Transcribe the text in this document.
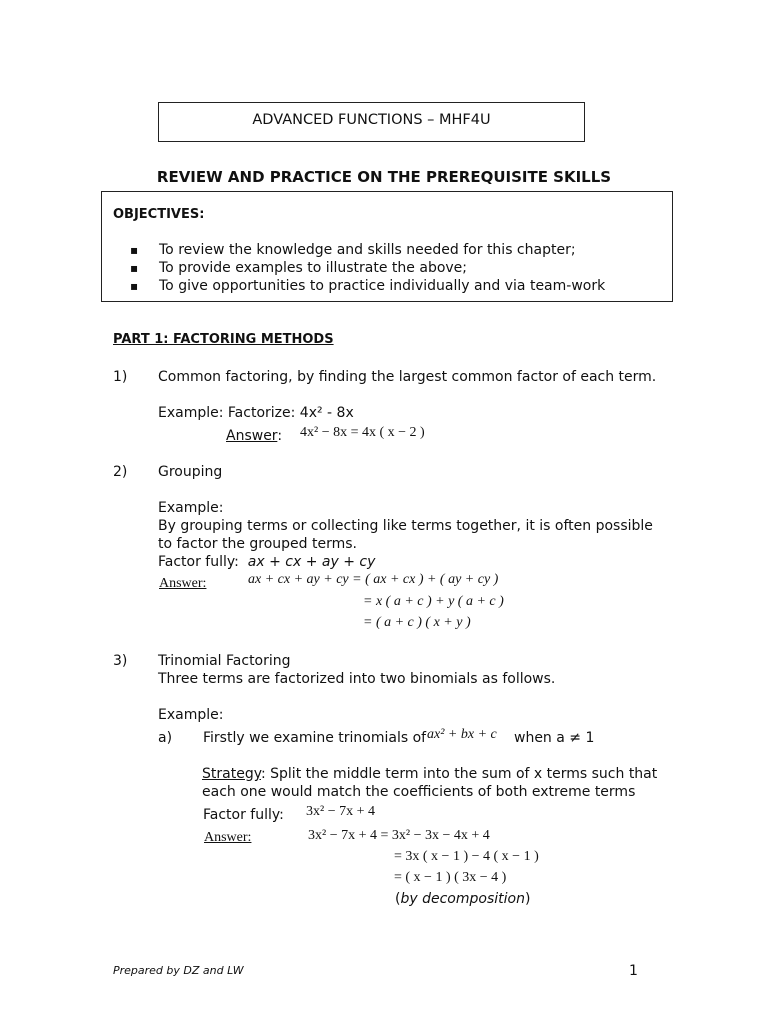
ADVANCED FUNCTIONS – MHF4U
REVIEW AND PRACTICE ON THE PREREQUISITE SKILLS
OBJECTIVES:
▪ To review the knowledge and skills needed for this chapter;
▪ To provide examples to illustrate the above;
▪ To give opportunities to practice individually and via team-work
PART 1: FACTORING METHODS
1) Common factoring, by finding the largest common factor of each term.
Example: Factorize: 4x² - 8x
Answer: 4x² − 8x = 4x ( x − 2 )
2) Grouping
Example:
By grouping terms or collecting like terms together, it is often possible
to factor the grouped terms.
Factor fully: ax + cx + ay + cy
Answer:	ax + cx + ay + cy = ( ax + cx ) + ( ay + cy )
= x ( a + c ) + y ( a + c )
= ( a + c ) ( x + y )
3) Trinomial Factoring
Three terms are factorized into two binomials as follows.
Example:
a) Firstly we examine trinomials of ax² + bx + c when a ≠ 1
Strategy: Split the middle term into the sum of x terms such that
each one would match the coefficients of both extreme terms
Factor fully: 3x² − 7x + 4
Answer:	3x² − 7x + 4 = 3x² − 3x − 4x + 4
= 3x ( x − 1 ) − 4 ( x − 1 )
= ( x − 1 ) ( 3x − 4 )
(by decomposition)
Prepared by DZ and LW	1
